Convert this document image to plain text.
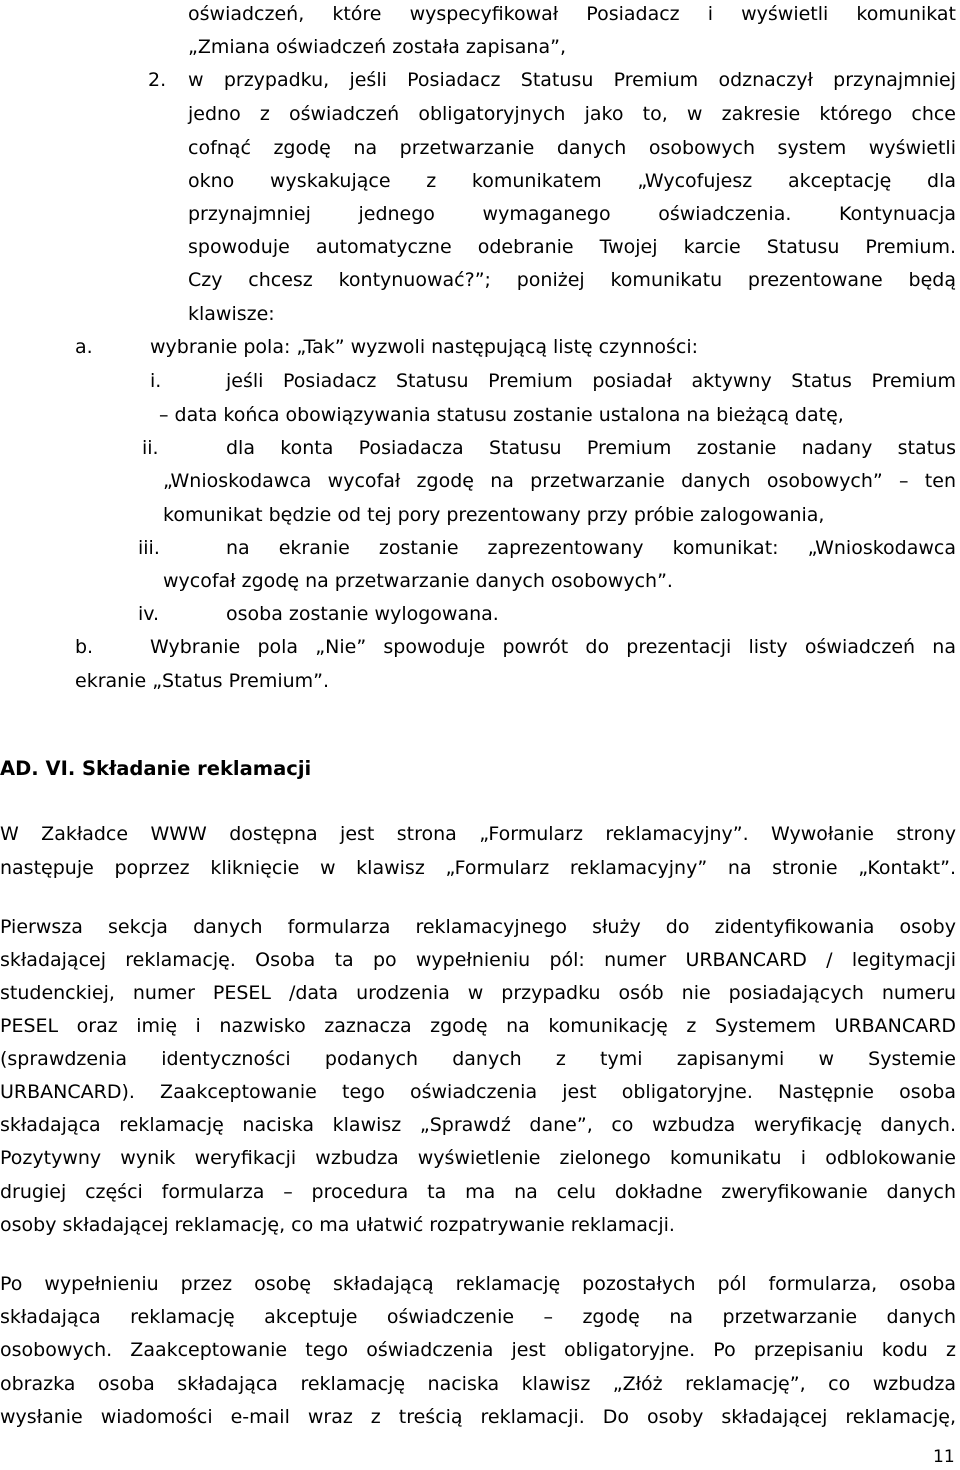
oświadczeń, które wyspecyfikował Posiadacz i wyświetli komunikat
„Zmiana oświadczeń została zapisana”,
2. w przypadku, jeśli Posiadacz Statusu Premium odznaczył przynajmniej
jedno z oświadczeń obligatoryjnych jako to, w zakresie którego chce
cofnąć zgodę na przetwarzanie danych osobowych system wyświetli
okno wyskakujące z komunikatem „Wycofujesz akceptację dla
przynajmniej jednego wymaganego oświadczenia. Kontynuacja
spowoduje automatyczne odebranie Twojej karcie Statusu Premium.
Czy chcesz kontynuować?”; poniżej komunikatu prezentowane będą
klawisze:
a.	wybranie pola: „Tak” wyzwoli następującą listę czynności:
i.	jeśli Posiadacz Statusu Premium posiadał aktywny Status Premium
– data końca obowiązywania statusu zostanie ustalona na bieżącą datę,
ii.	dla konta Posiadacza Statusu Premium zostanie nadany status
„Wnioskodawca wycofał zgodę na przetwarzanie danych osobowych” – ten
komunikat będzie od tej pory prezentowany przy próbie zalogowania,
iii.	na ekranie zostanie zaprezentowany komunikat: „Wnioskodawca
wycofał zgodę na przetwarzanie danych osobowych”.
iv.	osoba zostanie wylogowana.
b.	Wybranie pola „Nie” spowoduje powrót do prezentacji listy oświadczeń na
ekranie „Status Premium”.
AD. VI. Składanie reklamacji
W Zakładce WWW dostępna jest strona „Formularz reklamacyjny”. Wywołanie strony
następuje poprzez kliknięcie w klawisz „Formularz reklamacyjny” na stronie „Kontakt”.
Pierwsza sekcja danych formularza reklamacyjnego służy do zidentyfikowania osoby
składającej reklamację. Osoba ta po wypełnieniu pól: numer URBANCARD / legitymacji
studenckiej, numer PESEL /data urodzenia w przypadku osób nie posiadających numeru
PESEL oraz imię i nazwisko zaznacza zgodę na komunikację z Systemem URBANCARD
(sprawdzenia identyczności podanych danych z tymi zapisanymi w Systemie
URBANCARD). Zaakceptowanie tego oświadczenia jest obligatoryjne. Następnie osoba
składająca reklamację naciska klawisz „Sprawdź dane”, co wzbudza weryfikację danych.
Pozytywny wynik weryfikacji wzbudza wyświetlenie zielonego komunikatu i odblokowanie
drugiej części formularza – procedura ta ma na celu dokładne zweryfikowanie danych
osoby składającej reklamację, co ma ułatwić rozpatrywanie reklamacji.
Po wypełnieniu przez osobę składającą reklamację pozostałych pól formularza, osoba
składająca reklamację akceptuje oświadczenie – zgodę na przetwarzanie danych
osobowych. Zaakceptowanie tego oświadczenia jest obligatoryjne. Po przepisaniu kodu z
obrazka osoba składająca reklamację naciska klawisz „Złóż reklamację”, co wzbudza
wysłanie wiadomości e-mail wraz z treścią reklamacji. Do osoby składającej reklamację,
11
